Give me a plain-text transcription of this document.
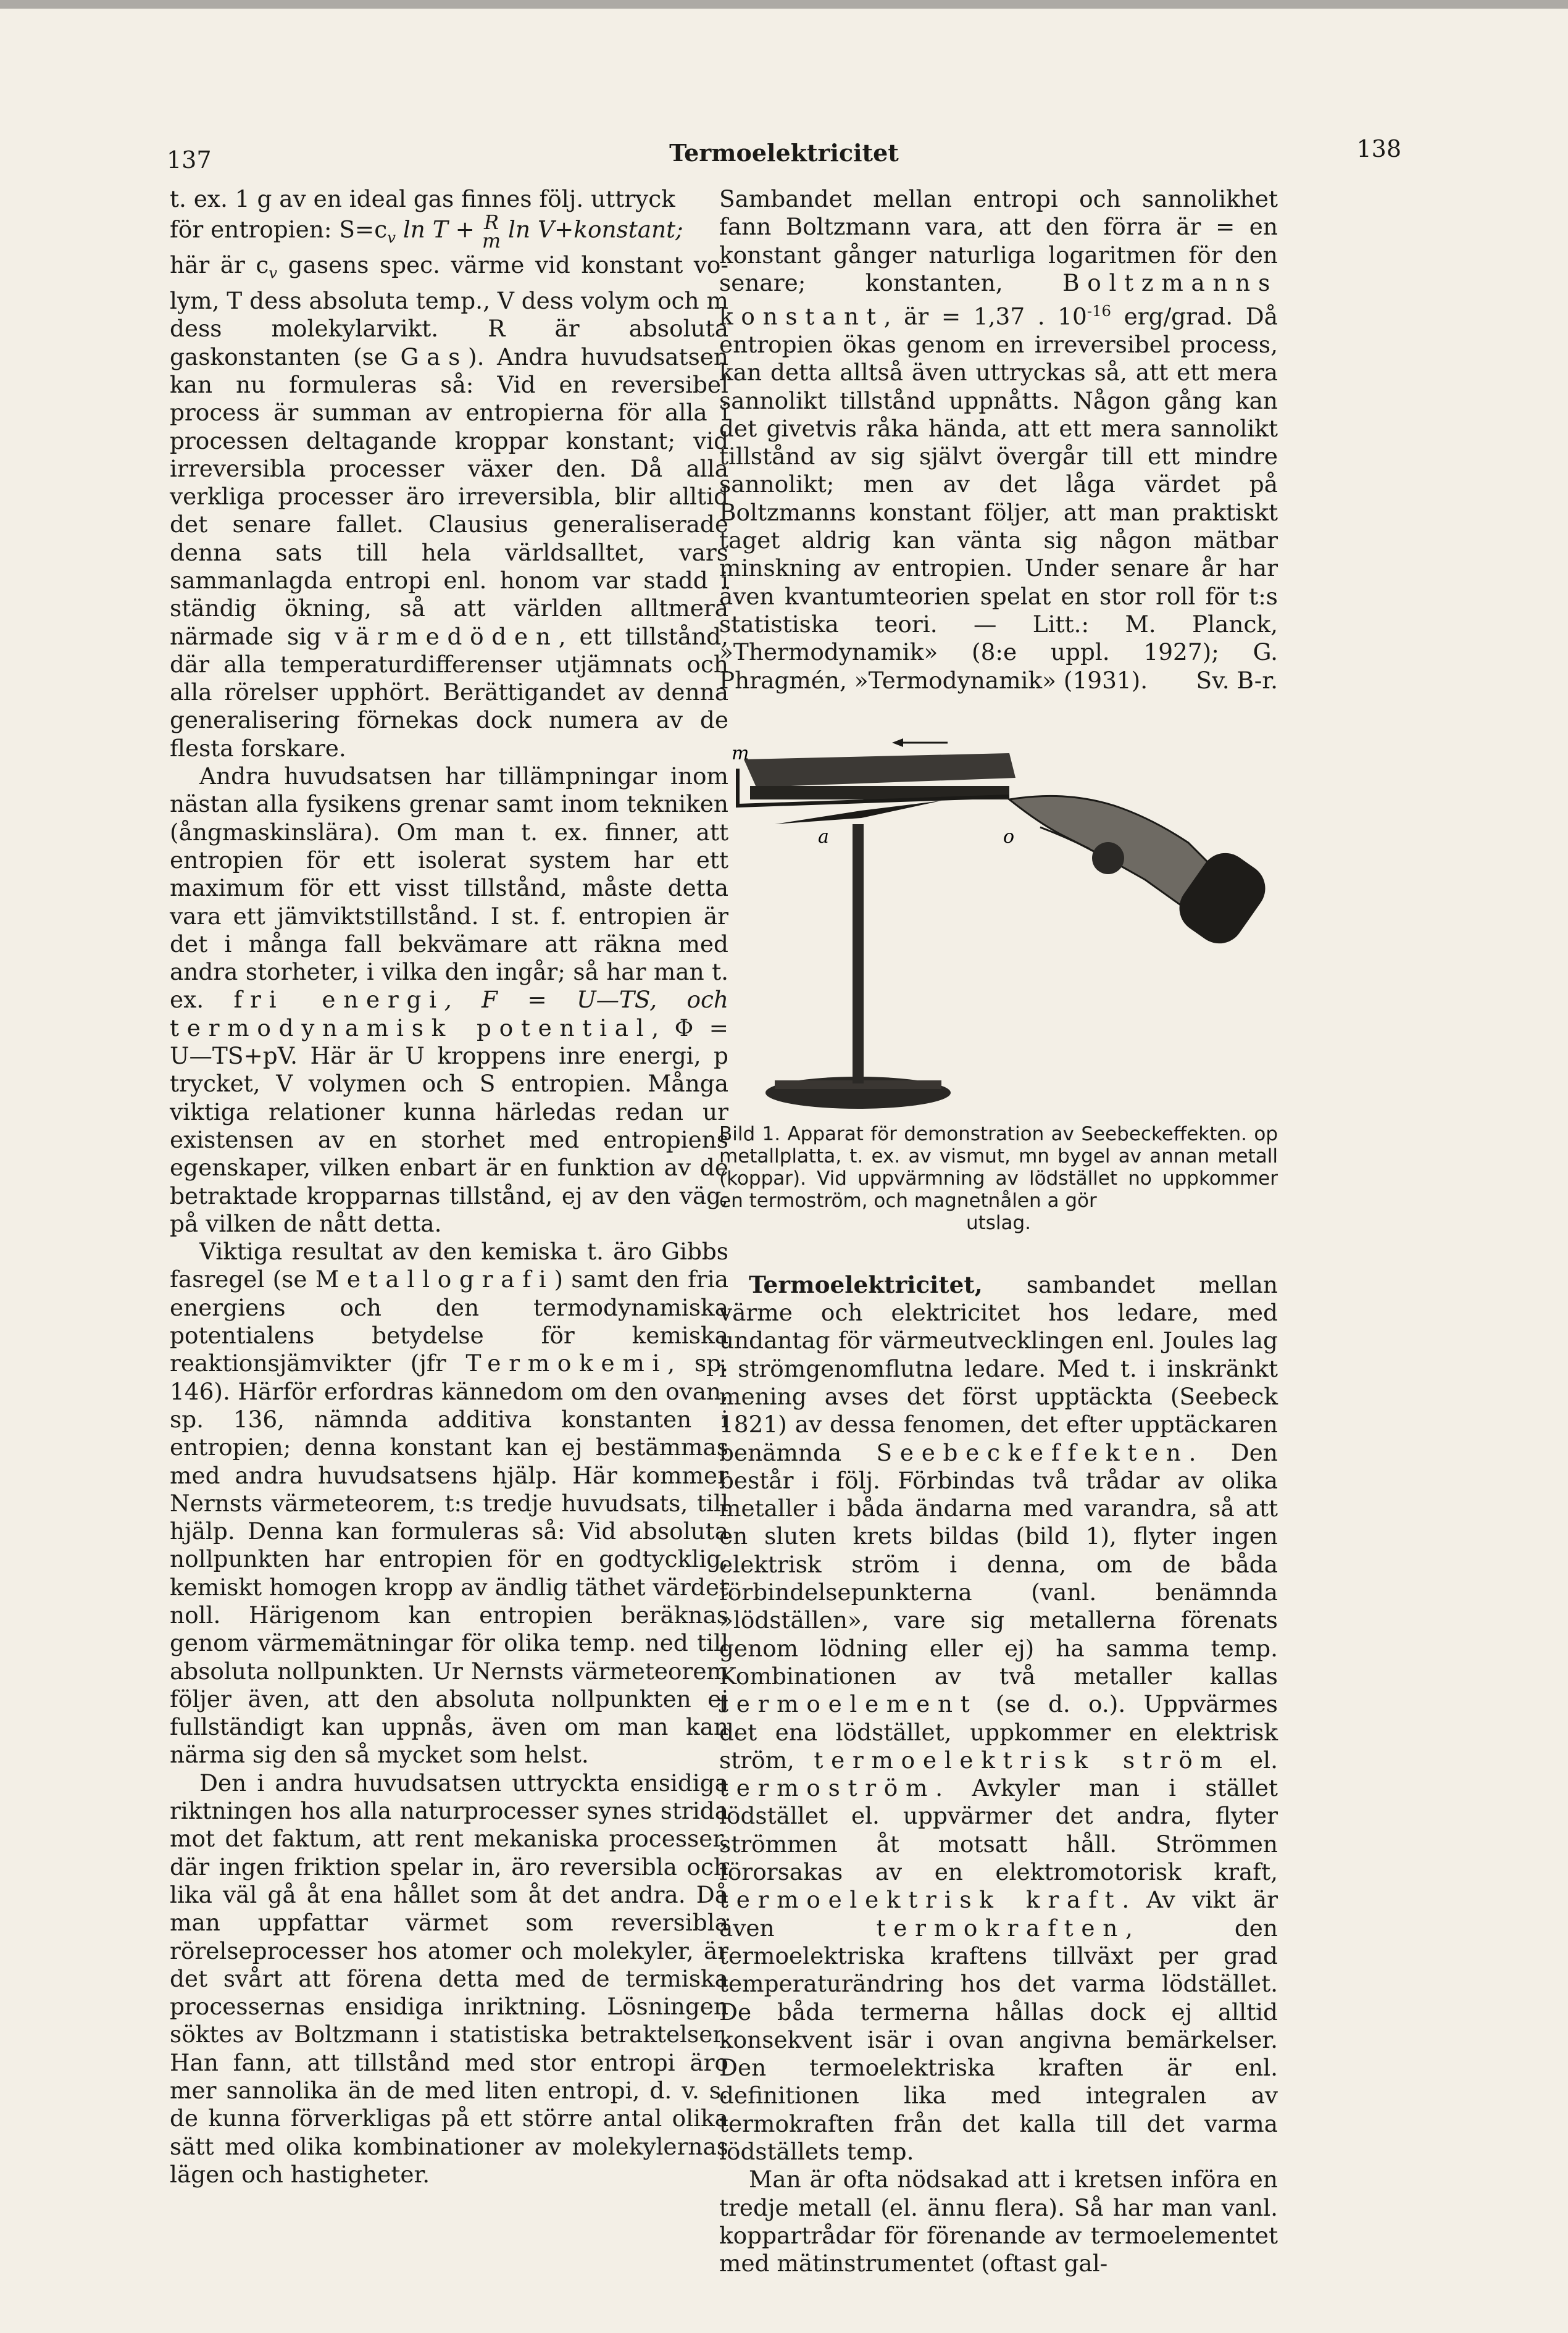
137	Termoelektricitet	138

t. ex. 1 g av en ideal gas finnes följ. uttryck

för entropien: $S=c_v$ ln T + R
m ln V+konstant;

här är $c_v$ gasens spec. värme vid konstant vo- lym, T dess absoluta temp., V dess volym och m dess molekylarvikt. R är absoluta gaskonstanten (se Gas). Andra huvudsatsen kan nu formuleras så: Vid en reversibel process är summan av entropierna för alla i processen deltagande kroppar konstant; vid irreversibla processer växer den. Då alla verkliga processer äro irreversibla, blir alltid det senare fallet. Clausius generaliserade denna sats till hela världsalltet, vars sammanlagda entropi enl. honom var stadd i ständig ökning, så att världen alltmera närmade sig värmedöden, ett tillstånd, där alla temperaturdifferenser utjämnats och alla rörelser upphört. Berättigandet av denna generalisering förnekas dock numera av de flesta forskare.

Andra huvudsatsen har tillämpningar inom nästan alla fysikens grenar samt inom tekniken (ångmaskinslära). Om man t. ex. finner, att entropien för ett isolerat system har ett maximum för ett visst tillstånd, måste detta vara ett jämviktstillstånd. I st. f. entropien är det i många fall bekvämare att räkna med andra storheter, i vilka den ingår; så har man t. ex. fri energi, F = U—TS, och termodynamisk potential, Φ = U—TS+pV. Här är U kroppens inre energi, p trycket, V volymen och S entropien. Många viktiga relationer kunna härledas redan ur existensen av en storhet med entropiens egenskaper, vilken enbart är en funktion av de betraktade kropparnas tillstånd, ej av den väg, på vilken de nått detta.

Viktiga resultat av den kemiska t. äro Gibbs fasregel (se Metallografi) samt den fria energiens och den termodynamiska potentialens betydelse för kemiska reaktionsjämvikter (jfr Termokemi, sp. 146). Härför erfordras kännedom om den ovan, sp. 136, nämnda additiva konstanten i entropien; denna konstant kan ej bestämmas med andra huvudsatsens hjälp. Här kommer Nernsts värmeteorem, t:s tredje huvudsats, till hjälp. Denna kan formuleras så: Vid absoluta nollpunkten har entropien för en godtycklig, kemiskt homogen kropp av ändlig täthet värdet noll. Härigenom kan entropien beräknas genom värmemätningar för olika temp. ned till absoluta nollpunkten. Ur Nernsts värmeteorem följer även, att den absoluta nollpunkten ej fullständigt kan uppnås, även om man kan närma sig den så mycket som helst.

Den i andra huvudsatsen uttryckta ensidiga riktningen hos alla naturprocesser synes strida mot det faktum, att rent mekaniska processer, där ingen friktion spelar in, äro reversibla och lika väl gå åt ena hållet som åt det andra. Då man uppfattar värmet som reversibla rörelseprocesser hos atomer och molekyler, är det svårt att förena detta med de termiska processernas ensidiga inriktning. Lösningen söktes av Boltzmann i statistiska betraktelser. Han fann, att tillstånd med stor entropi äro mer sannolika än de med liten entropi, d. v. s. de kunna förverkligas på ett större antal olika sätt med olika kombinationer av molekylernas lägen och hastigheter.

Sambandet mellan entropi och sannolikhet fann Boltzmann vara, att den förra är = en konstant gånger naturliga logaritmen för den senare; konstanten,	Boltzmanns konstant, är = 1,37 . $10^{-16}$ erg/grad. Då entropien ökas genom en irreversibel process, kan detta alltså även uttryckas så, att ett mera sannolikt tillstånd uppnåtts. Någon gång kan det givetvis råka hända, att ett mera sannolikt tillstånd av sig självt övergår till ett mindre sannolikt; men av det låga värdet på Boltzmanns konstant följer, att man praktiskt taget aldrig kan vänta sig någon mätbar minskning av entropien. Under senare år har även kvantumteorien spelat en stor roll för t:s statistiska teori. — Litt.: M. Planck, »Thermodynamik» (8:e uppl. 1927); G. Phragmén, »Termodynamik» (1931). Sv. B-r.

m
a	o
Bild 1. Apparat för demonstration av Seebeckeffekten. op metallplatta, t. ex. av vismut, mn bygel av annan metall (koppar). Vid uppvärmning av lödstället no uppkommer en termoström, och magnetnålen a gör
utslag.

Termoelektricitet, sambandet mellan värme och elektricitet hos ledare, med undantag för värmeutvecklingen enl. Joules lag i strömgenomflutna ledare. Med t. i inskränkt mening avses det först upptäckta (Seebeck 1821) av dessa fenomen, det efter upptäckaren benämnda Seebeckeffekten. Den består i följ. Förbindas två trådar av olika metaller i båda ändarna med varandra, så att en sluten krets bildas (bild 1), flyter ingen elektrisk ström i denna, om de båda förbindelsepunkterna (vanl. benämnda »lödställen», vare sig metallerna förenats genom lödning eller ej) ha samma temp. Kombinationen av två metaller kallas termoelement (se d. o.). Uppvärmes det ena lödstället, uppkommer en elektrisk ström, termoelektrisk ström el. termoström. Avkyler man i stället lödstället el. uppvärmer det andra, flyter strömmen åt motsatt håll. Strömmen förorsakas av en elektromotorisk kraft, termoelektrisk kraft. Av vikt är även	termokraften, den termoelektriska kraftens tillväxt per grad temperaturändring hos det varma lödstället. De båda termerna hållas dock ej alltid konsekvent isär i ovan angivna bemärkelser. Den termoelektriska kraften är enl. definitionen lika med integralen av termokraften från det kalla till det varma lödställets temp.

Man är ofta nödsakad att i kretsen införa en tredje metall (el. ännu flera). Så har man vanl. koppartrådar för förenande av termoelementet med mätinstrumentet (oftast gal-
